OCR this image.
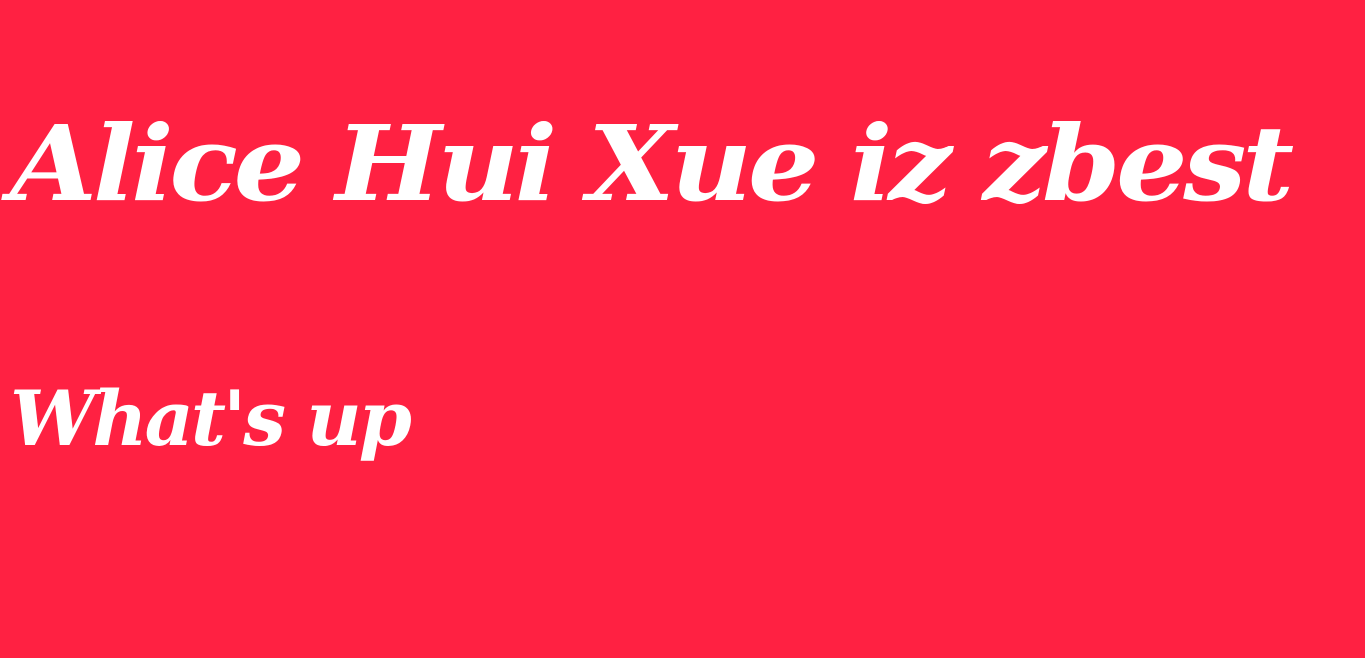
Alice Hui Xue iz zbest
What's up
